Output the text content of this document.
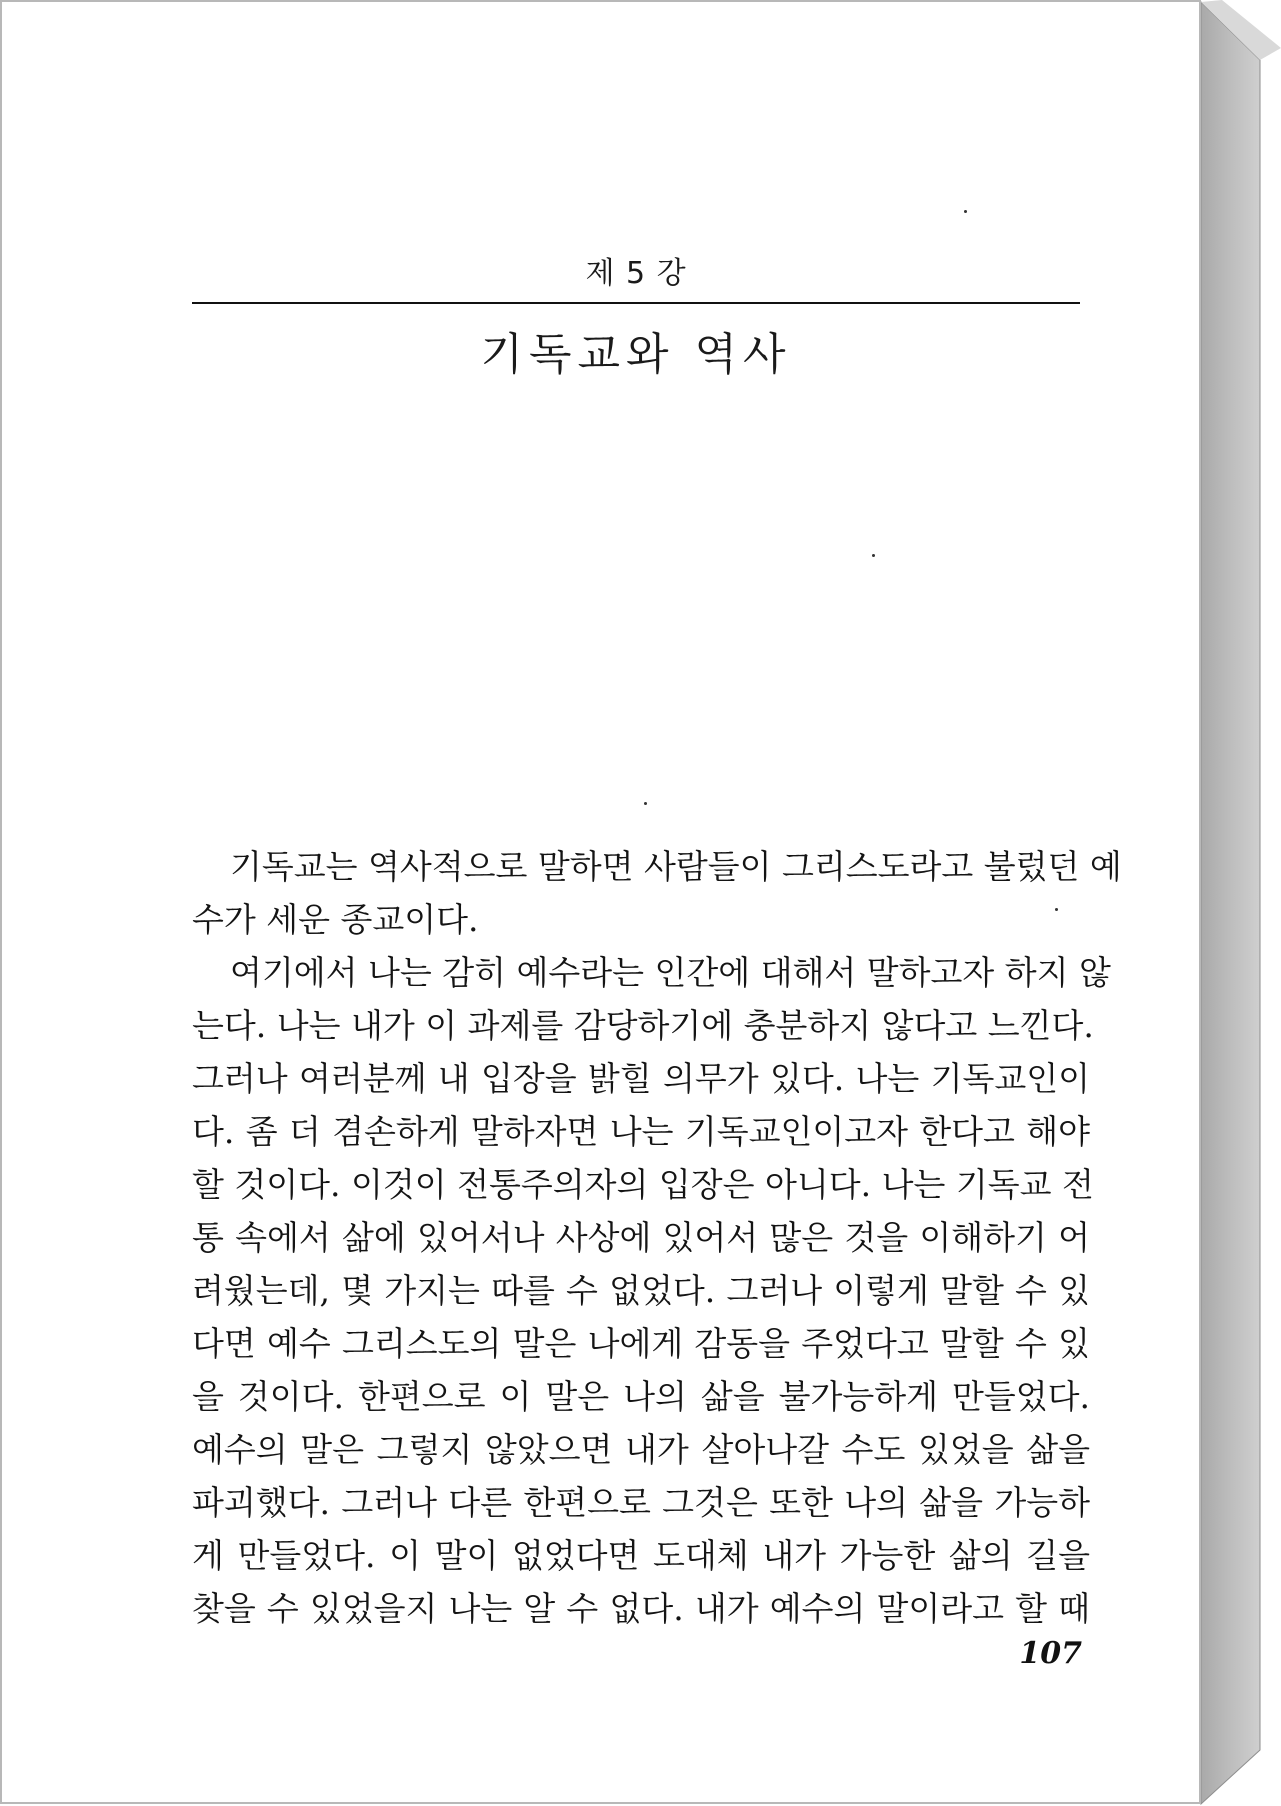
제 5 강
기독교와 역사
기독교는 역사적으로 말하면 사람들이 그리스도라고 불렀던 예
수가 세운 종교이다.
여기에서 나는 감히 예수라는 인간에 대해서 말하고자 하지 않
는다. 나는 내가 이 과제를 감당하기에 충분하지 않다고 느낀다.
그러나 여러분께 내 입장을 밝힐 의무가 있다. 나는 기독교인이
다. 좀 더 겸손하게 말하자면 나는 기독교인이고자 한다고 해야
할 것이다. 이것이 전통주의자의 입장은 아니다. 나는 기독교 전
통 속에서 삶에 있어서나 사상에 있어서 많은 것을 이해하기 어
려웠는데, 몇 가지는 따를 수 없었다. 그러나 이렇게 말할 수 있
다면 예수 그리스도의 말은 나에게 감동을 주었다고 말할 수 있
을 것이다. 한편으로 이 말은 나의 삶을 불가능하게 만들었다.
예수의 말은 그렇지 않았으면 내가 살아나갈 수도 있었을 삶을
파괴했다. 그러나 다른 한편으로 그것은 또한 나의 삶을 가능하
게 만들었다. 이 말이 없었다면 도대체 내가 가능한 삶의 길을
찾을 수 있었을지 나는 알 수 없다. 내가 예수의 말이라고 할 때
107
